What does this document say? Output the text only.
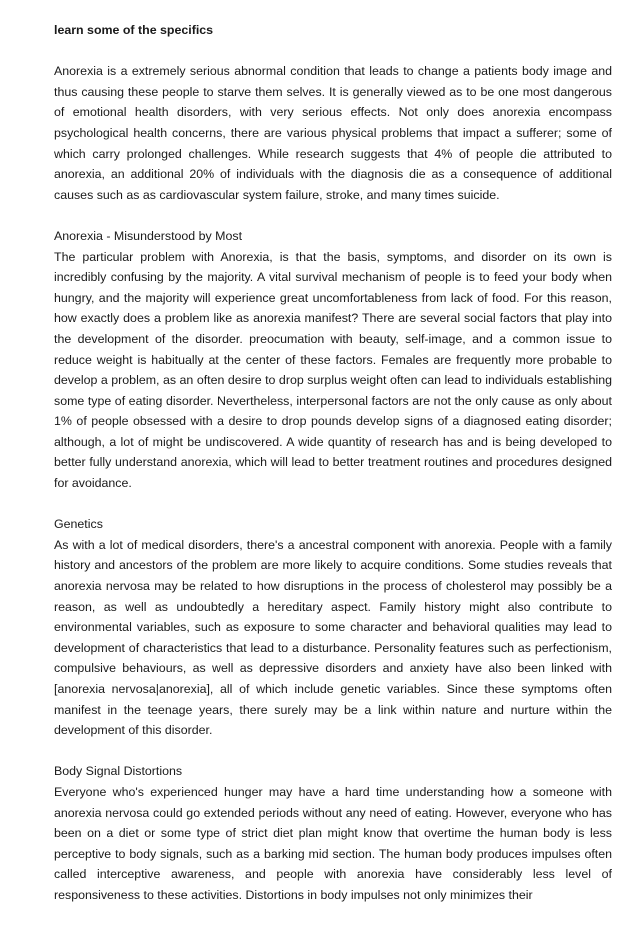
learn some of the specifics

Anorexia is a extremely serious abnormal condition that leads to change a patients body image and thus causing these people to starve them selves. It is generally viewed as to be one most dangerous of emotional health disorders, with very serious effects. Not only does anorexia encompass psychological health concerns, there are various physical problems that impact a sufferer; some of which carry prolonged challenges. While research suggests that 4% of people die attributed to anorexia, an additional 20% of individuals with the diagnosis die as a consequence of additional causes such as as cardiovascular system failure, stroke, and many times suicide.

Anorexia - Misunderstood by Most

The particular problem with Anorexia, is that the basis, symptoms, and disorder on its own is incredibly confusing by the majority. A vital survival mechanism of people is to feed your body when hungry, and the majority will experience great uncomfortableness from lack of food. For this reason, how exactly does a problem like as anorexia manifest? There are several social factors that play into the development of the disorder. preocumation with beauty, self-image, and a common issue to reduce weight is habitually at the center of these factors. Females are frequently more probable to develop a problem, as an often desire to drop surplus weight often can lead to individuals establishing some type of eating disorder. Nevertheless, interpersonal factors are not the only cause as only about 1% of people obsessed with a desire to drop pounds develop signs of a diagnosed eating disorder; although, a lot of might be undiscovered. A wide quantity of research has and is being developed to better fully understand anorexia, which will lead to better treatment routines and procedures designed for avoidance.

Genetics

As with a lot of medical disorders, there's a ancestral component with anorexia. People with a family history and ancestors of the problem are more likely to acquire conditions. Some studies reveals that anorexia nervosa may be related to how disruptions in the process of cholesterol may possibly be a reason, as well as undoubtedly a hereditary aspect. Family history might also contribute to environmental variables, such as exposure to some character and behavioral qualities may lead to development of characteristics that lead to a disturbance. Personality features such as perfectionism, compulsive behaviours, as well as depressive disorders and anxiety have also been linked with [anorexia nervosa|anorexia], all of which include genetic variables. Since these symptoms often manifest in the teenage years, there surely may be a link within nature and nurture within the development of this disorder.

Body Signal Distortions

Everyone who's experienced hunger may have a hard time understanding how a someone with anorexia nervosa could go extended periods without any need of eating. However, everyone who has been on a diet or some type of strict diet plan might know that overtime the human body is less perceptive to body signals, such as a barking mid section. The human body produces impulses often called interceptive awareness, and people with anorexia have considerably less level of responsiveness to these activities. Distortions in body impulses not only minimizes their
